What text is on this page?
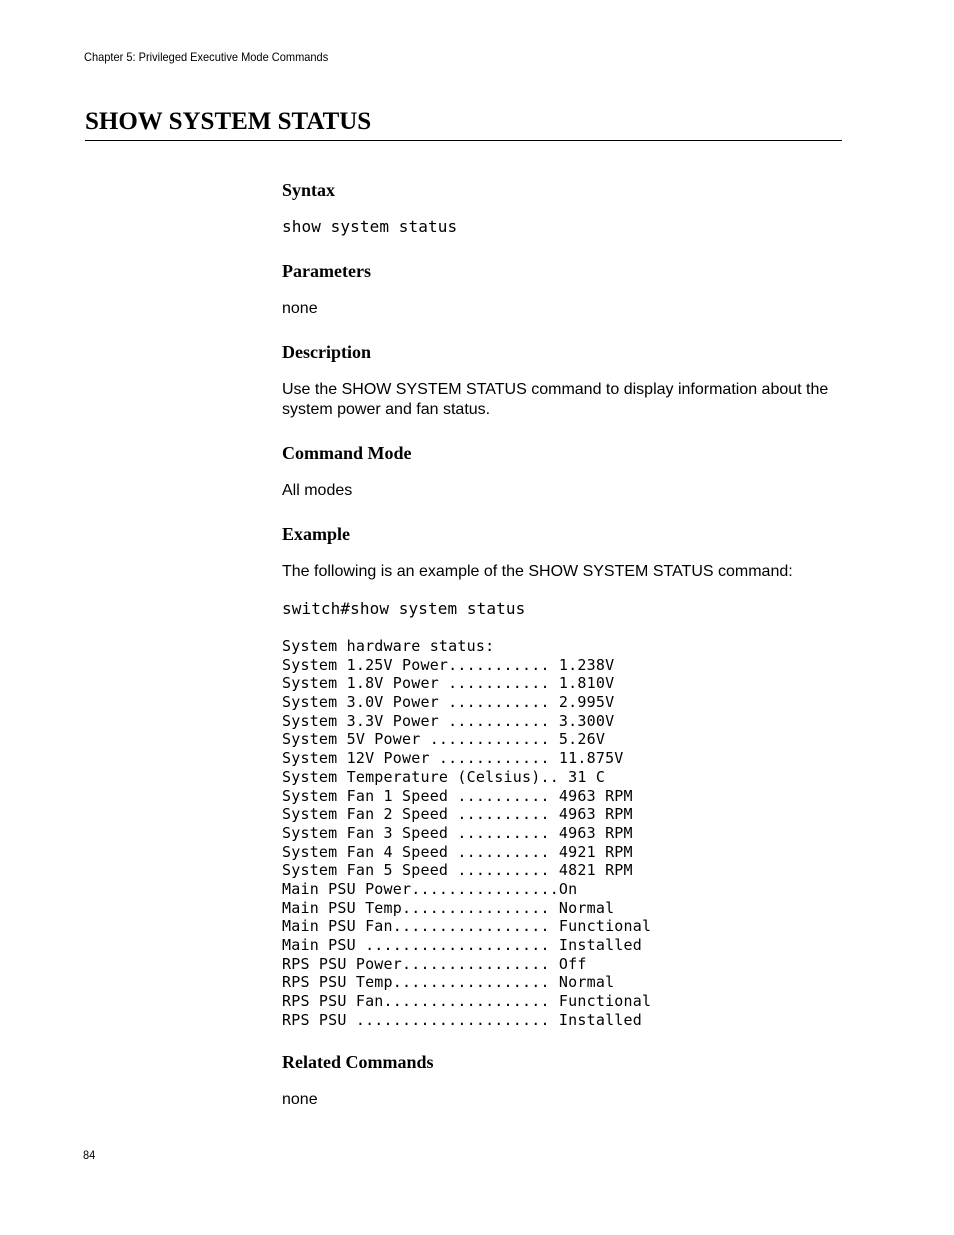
Chapter 5: Privileged Executive Mode Commands
SHOW SYSTEM STATUS
Syntax
show system status
Parameters

none

Description

Use the SHOW SYSTEM STATUS command to display information about the system power and fan status.

Command Mode

All modes

Example

The following is an example of the SHOW SYSTEM STATUS command:

switch#show system status
System hardware status:
System 1.25V Power........... 1.238V
System 1.8V Power ........... 1.810V
System 3.0V Power ........... 2.995V
System 3.3V Power ........... 3.300V
System 5V Power ............. 5.26V
System 12V Power ............ 11.875V
System Temperature (Celsius).. 31 C
System Fan 1 Speed .......... 4963 RPM
System Fan 2 Speed .......... 4963 RPM
System Fan 3 Speed .......... 4963 RPM
System Fan 4 Speed .......... 4921 RPM
System Fan 5 Speed .......... 4821 RPM
Main PSU Power................On
Main PSU Temp................ Normal
Main PSU Fan................. Functional
Main PSU .................... Installed
RPS PSU Power................ Off
RPS PSU Temp................. Normal
RPS PSU Fan.................. Functional
RPS PSU ..................... Installed
Related Commands

none

84
